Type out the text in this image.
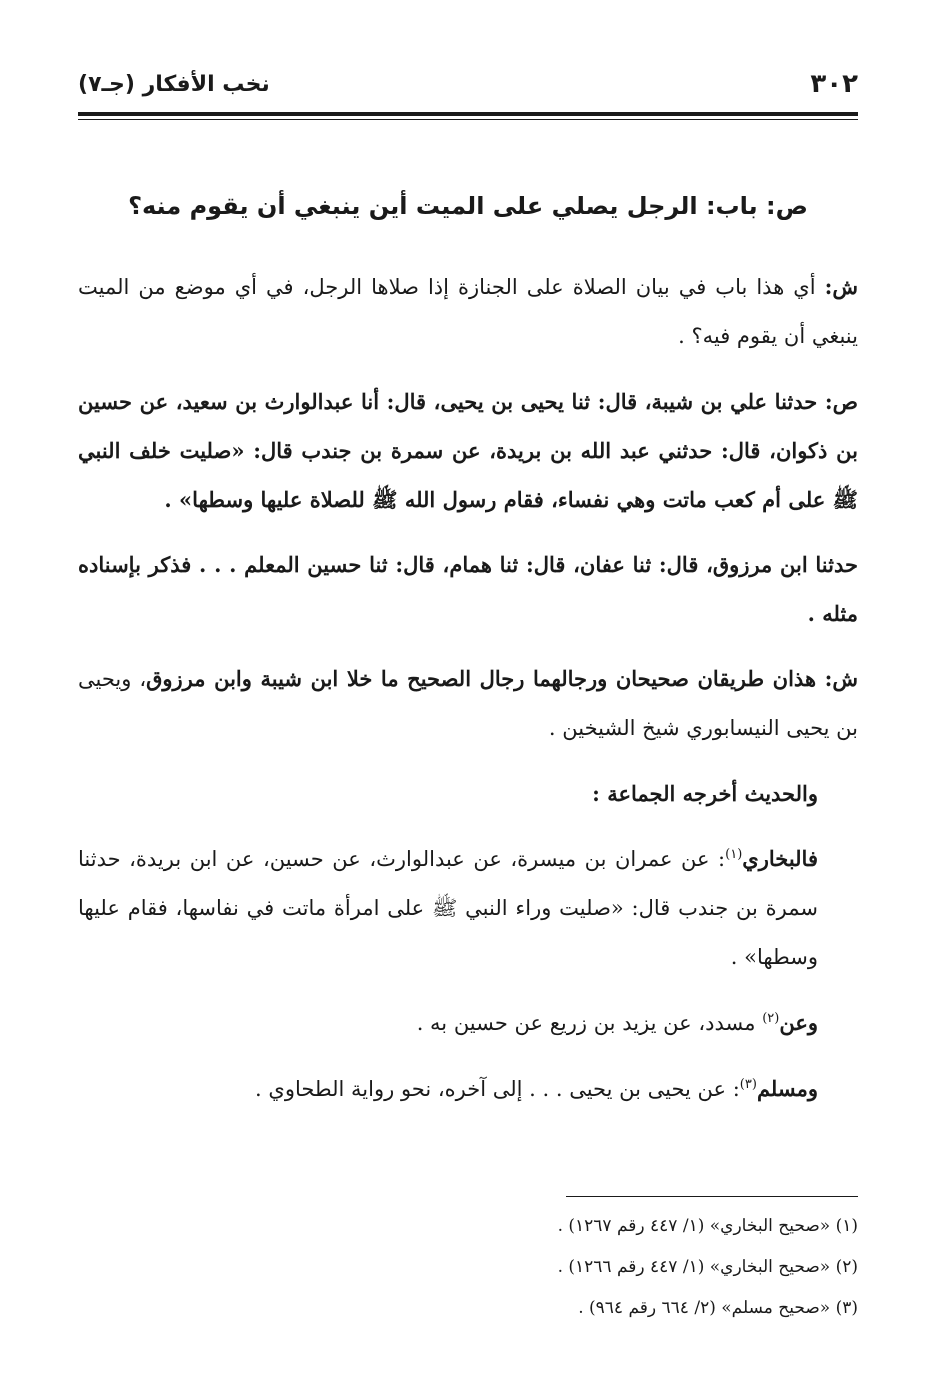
٣٠٢
نخب الأفكار (جـ٧)
ص: باب: الرجل يصلي على الميت أين ينبغي أن يقوم منه؟

ش: أي هذا باب في بيان الصلاة على الجنازة إذا صلاها الرجل، في أي موضع من الميت ينبغي أن يقوم فيه؟ .

ص: حدثنا علي بن شيبة، قال: ثنا يحيى بن يحيى، قال: أنا عبدالوارث بن سعيد، عن حسين بن ذكوان، قال: حدثني عبد الله بن بريدة، عن سمرة بن جندب قال: «صليت خلف النبي ﷺ على أم كعب ماتت وهي نفساء، فقام رسول الله ﷺ للصلاة عليها وسطها» .

حدثنا ابن مرزوق، قال: ثنا عفان، قال: ثنا همام، قال: ثنا حسين المعلم . . . فذكر بإسناده مثله .

ش: هذان طريقان صحيحان ورجالهما رجال الصحيح ما خلا ابن شيبة وابن مرزوق، ويحيى بن يحيى النيسابوري شيخ الشيخين .

والحديث أخرجه الجماعة :

فالبخاري$^{(١)}$: عن عمران بن ميسرة، عن عبدالوارث، عن حسين، عن ابن بريدة، حدثنا سمرة بن جندب قال: «صليت وراء النبي ﷺ على امرأة ماتت في نفاسها، فقام عليها وسطها» .

وعن$^{(٢)}$ مسدد، عن يزيد بن زريع عن حسين به .

ومسلم$^{(٣)}$: عن يحيى بن يحيى . . . إلى آخره، نحو رواية الطحاوي .

(١) «صحيح البخاري» (١/ ٤٤٧ رقم ١٢٦٧) .
(٢) «صحيح البخاري» (١/ ٤٤٧ رقم ١٢٦٦) .
(٣) «صحيح مسلم» (٢/ ٦٦٤ رقم ٩٦٤) .
